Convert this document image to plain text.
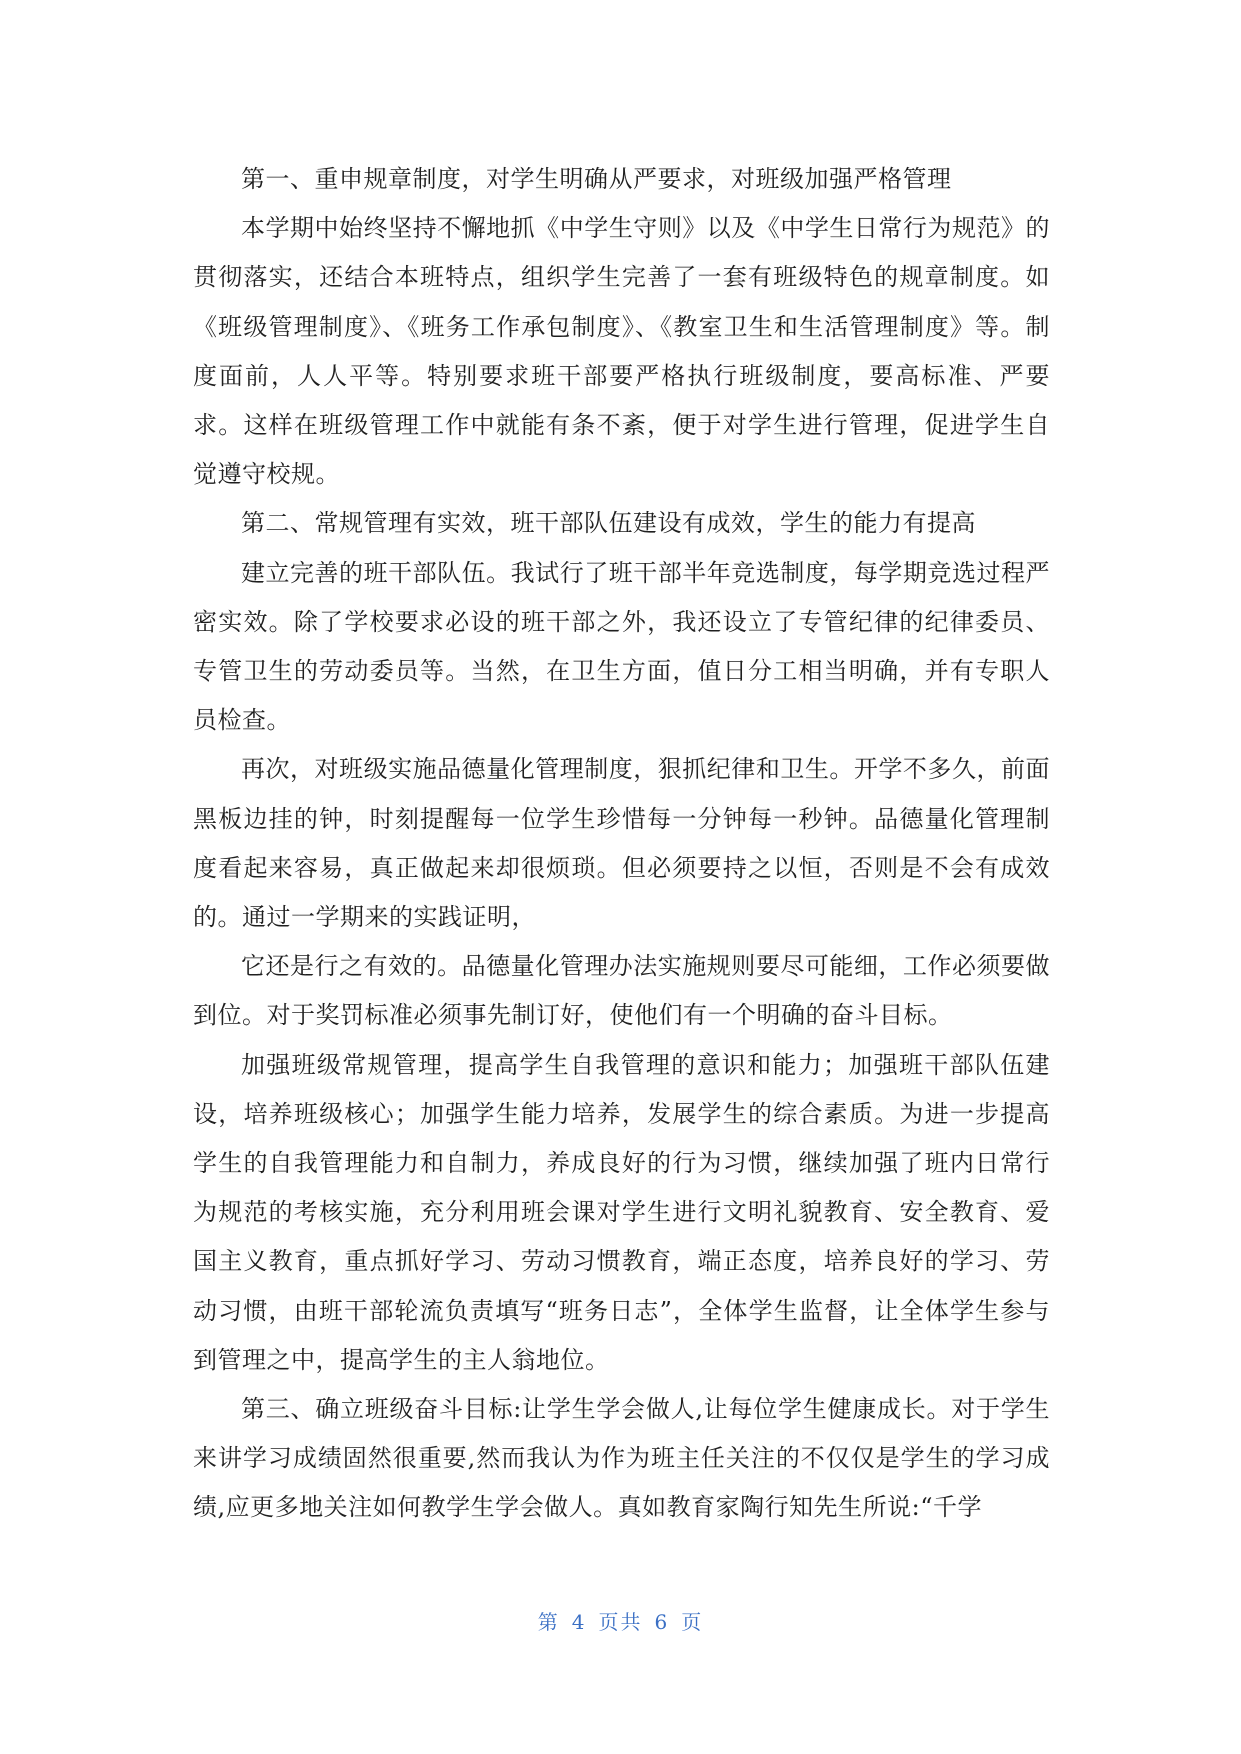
第一、重申规章制度，对学生明确从严要求，对班级加强严格管理

本学期中始终坚持不懈地抓《中学生守则》以及《中学生日常行为规范》的贯彻落实，还结合本班特点，组织学生完善了一套有班级特色的规章制度。如《班级管理制度》、《班务工作承包制度》、《教室卫生和生活管理制度》等。制度面前，人人平等。特别要求班干部要严格执行班级制度，要高标准、严要求。这样在班级管理工作中就能有条不紊，便于对学生进行管理，促进学生自觉遵守校规。

第二、常规管理有实效，班干部队伍建设有成效，学生的能力有提高

建立完善的班干部队伍。我试行了班干部半年竞选制度，每学期竞选过程严密实效。除了学校要求必设的班干部之外，我还设立了专管纪律的纪律委员、专管卫生的劳动委员等。当然，在卫生方面，值日分工相当明确，并有专职人员检查。

再次，对班级实施品德量化管理制度，狠抓纪律和卫生。开学不多久，前面黑板边挂的钟，时刻提醒每一位学生珍惜每一分钟每一秒钟。品德量化管理制度看起来容易，真正做起来却很烦琐。但必须要持之以恒，否则是不会有成效的。通过一学期来的实践证明，

它还是行之有效的。品德量化管理办法实施规则要尽可能细，工作必须要做到位。对于奖罚标准必须事先制订好，使他们有一个明确的奋斗目标。

加强班级常规管理，提高学生自我管理的意识和能力；加强班干部队伍建设，培养班级核心；加强学生能力培养，发展学生的综合素质。为进一步提高学生的自我管理能力和自制力，养成良好的行为习惯，继续加强了班内日常行为规范的考核实施，充分利用班会课对学生进行文明礼貌教育、安全教育、爱国主义教育，重点抓好学习、劳动习惯教育，端正态度，培养良好的学习、劳动习惯，由班干部轮流负责填写“班务日志”，全体学生监督，让全体学生参与到管理之中，提高学生的主人翁地位。

第三、确立班级奋斗目标:让学生学会做人,让每位学生健康成长。对于学生来讲学习成绩固然很重要,然而我认为作为班主任关注的不仅仅是学生的学习成绩,应更多地关注如何教学生学会做人。真如教育家陶行知先生所说:“千学

第 4 页共 6 页
